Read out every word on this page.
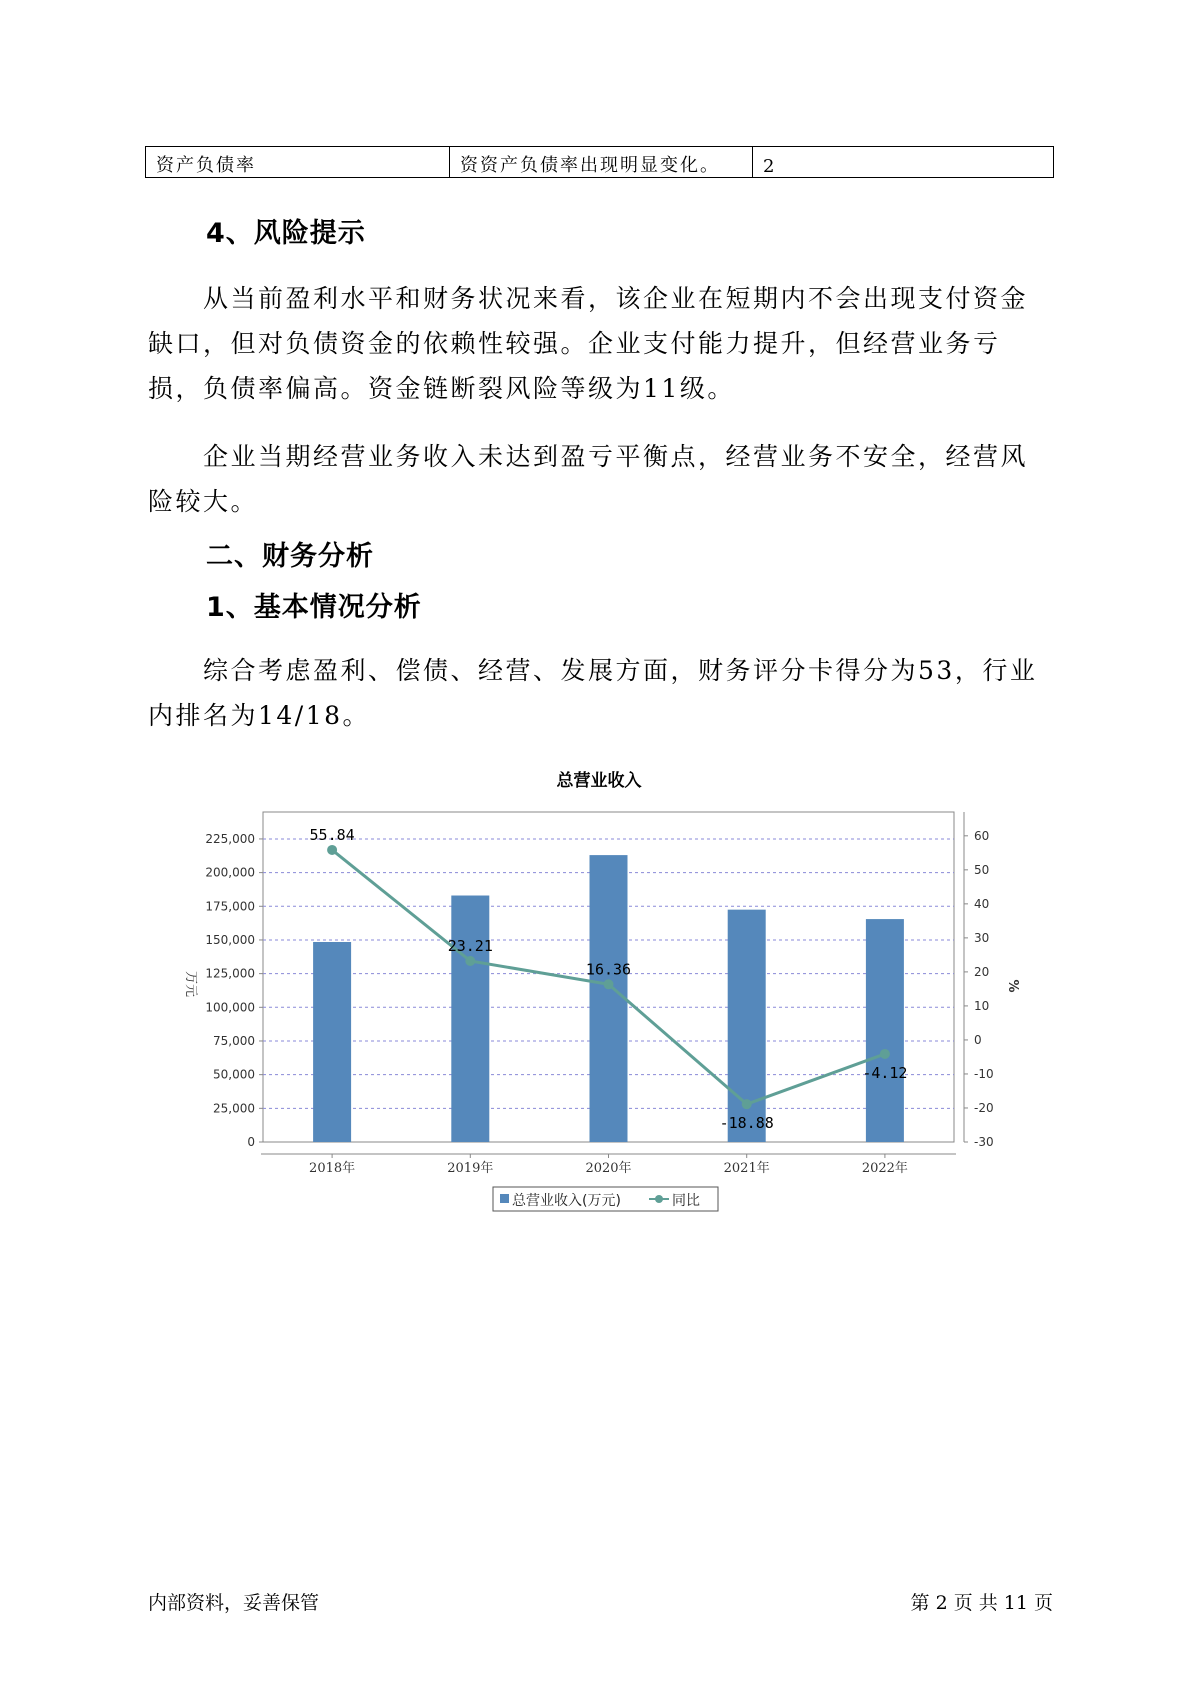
资产负债率	资资产负债率出现明显变化。	2
4、风险提示

从当前盈利水平和财务状况来看，该企业在短期内不会出现支付资金缺口，但对负债资金的依赖性较强。企业支付能力提升，但经营业务亏损，负债率偏高。资金链断裂风险等级为11级。

企业当期经营业务收入未达到盈亏平衡点，经营业务不安全，经营风险较大。

二、财务分析
1、基本情况分析

综合考虑盈利、偿债、经营、发展方面，财务评分卡得分为53，行业内排名为14/18。

总营业收入
55.84
23.21
16.36
-18.88
-4.12
0
25,000
50,000
75,000
100,000
125,000
150,000
175,000
200,000
225,000
-30
-20
-10
0
10
20
30
40
50
60
2018年	2019年	2020年	2021年	2022年
万元	%
总营业收入(万元)	同比

内部资料，妥善保管	第 2 页 共 11 页
